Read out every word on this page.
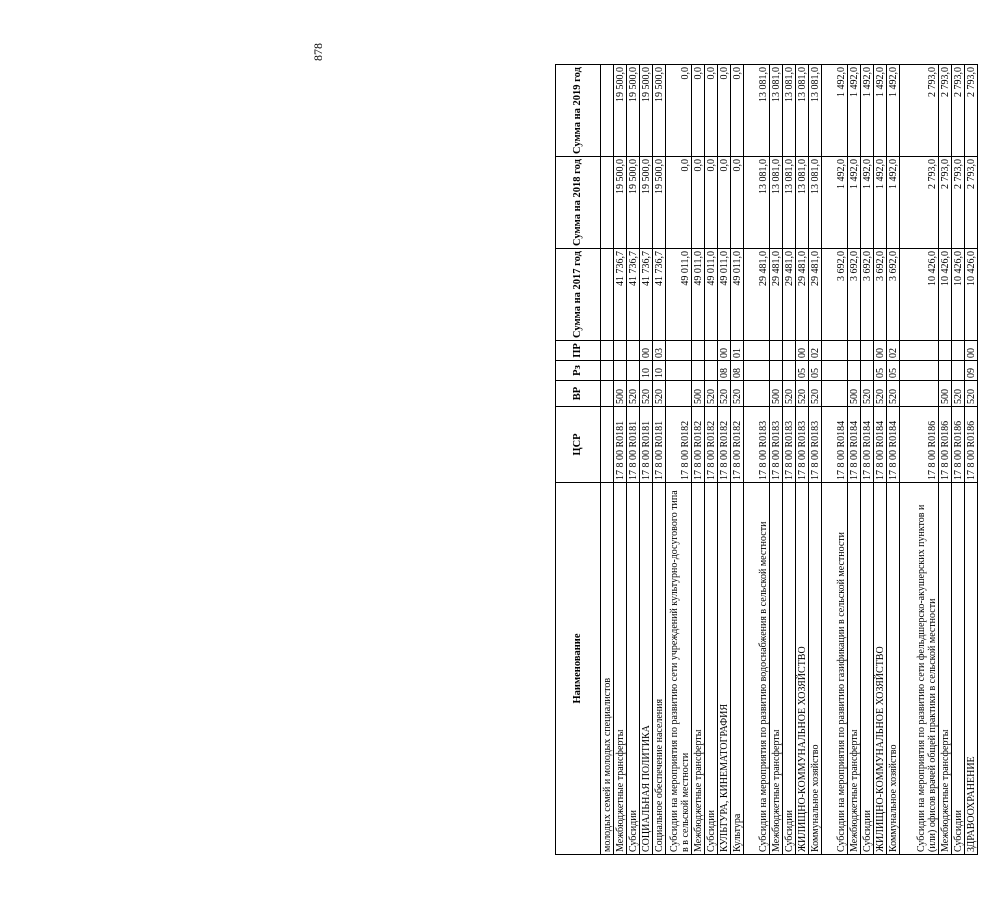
878
Наименование	ЦСР	ВР	Рз	ПР	Сумма на 2017 год	Сумма на 2018 год	Сумма на 2019 год
молодых семей и молодых специалистов							
Межбюджетные трансферты	17 8 00 R0181	500			41 736,7	19 500,0	19 500,0
Субсидии	17 8 00 R0181	520			41 736,7	19 500,0	19 500,0
СОЦИАЛЬНАЯ ПОЛИТИКА	17 8 00 R0181	520	10	00	41 736,7	19 500,0	19 500,0
Социальное обеспечение населения	17 8 00 R0181	520	10	03	41 736,7	19 500,0	19 500,0
Субсидии на мероприятия по развитию сети учреждений культурно-досугового типа в в сельской местности	17 8 00 R0182				49 011,0	0,0	0,0
Межбюджетные трансферты	17 8 00 R0182	500			49 011,0	0,0	0,0
Субсидии	17 8 00 R0182	520			49 011,0	0,0	0,0
КУЛЬТУРА, КИНЕМАТОГРАФИЯ	17 8 00 R0182	520	08	00	49 011,0	0,0	0,0
Культура	17 8 00 R0182	520	08	01	49 011,0	0,0	0,0
Субсидии на мероприятия по развитию водоснабжения в сельской местности	17 8 00 R0183				29 481,0	13 081,0	13 081,0
Межбюджетные трансферты	17 8 00 R0183	500			29 481,0	13 081,0	13 081,0
Субсидии	17 8 00 R0183	520			29 481,0	13 081,0	13 081,0
ЖИЛИЩНО-КОММУНАЛЬНОЕ ХОЗЯЙСТВО	17 8 00 R0183	520	05	00	29 481,0	13 081,0	13 081,0
Коммунальное хозяйство	17 8 00 R0183	520	05	02	29 481,0	13 081,0	13 081,0
Субсидии на мероприятия по развитию газификации в сельской местности	17 8 00 R0184				3 692,0	1 492,0	1 492,0
Межбюджетные трансферты	17 8 00 R0184	500			3 692,0	1 492,0	1 492,0
Субсидии	17 8 00 R0184	520			3 692,0	1 492,0	1 492,0
ЖИЛИЩНО-КОММУНАЛЬНОЕ ХОЗЯЙСТВО	17 8 00 R0184	520	05	00	3 692,0	1 492,0	1 492,0
Коммунальное хозяйство	17 8 00 R0184	520	05	02	3 692,0	1 492,0	1 492,0
Субсидии на мероприятия по развитию сети фельдшерско-акушерских пунктов и (или) офисов врачей общей практики в сельской местности	17 8 00 R0186				10 426,0	2 793,0	2 793,0
Межбюджетные трансферты	17 8 00 R0186	500			10 426,0	2 793,0	2 793,0
Субсидии	17 8 00 R0186	520			10 426,0	2 793,0	2 793,0
ЗДРАВООХРАНЕНИЕ	17 8 00 R0186	520	09	00	10 426,0	2 793,0	2 793,0
